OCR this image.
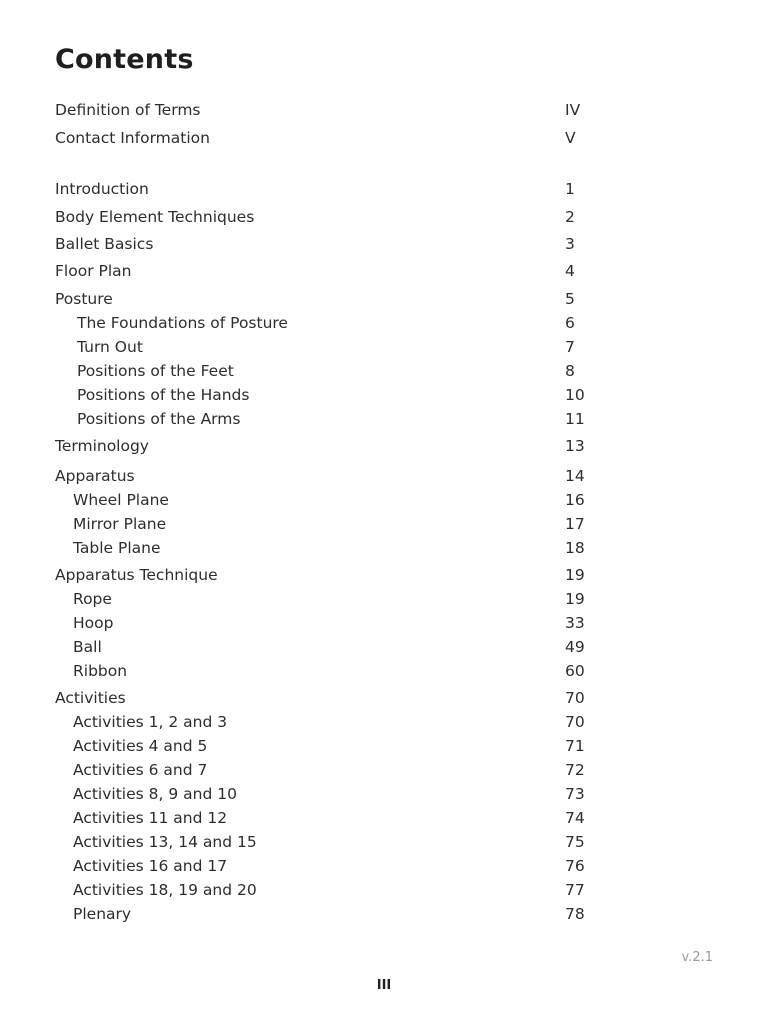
Contents
Definition of Terms	IV
Contact Information	V
Introduction	1
Body Element Techniques	2
Ballet Basics	3
Floor Plan	4
Posture	5
The Foundations of Posture	6
Turn Out	7
Positions of the Feet	8
Positions of the Hands	10
Positions of the Arms	11
Terminology	13
Apparatus	14
Wheel Plane	16
Mirror Plane	17
Table Plane	18
Apparatus Technique	19
Rope	19
Hoop	33
Ball	49
Ribbon	60
Activities	70
Activities 1, 2 and 3	70
Activities 4 and 5	71
Activities 6 and 7	72
Activities 8, 9 and 10	73
Activities 11 and 12	74
Activities 13, 14 and 15	75
Activities 16 and 17	76
Activities 18, 19 and 20	77
Plenary	78
v.2.1
III
